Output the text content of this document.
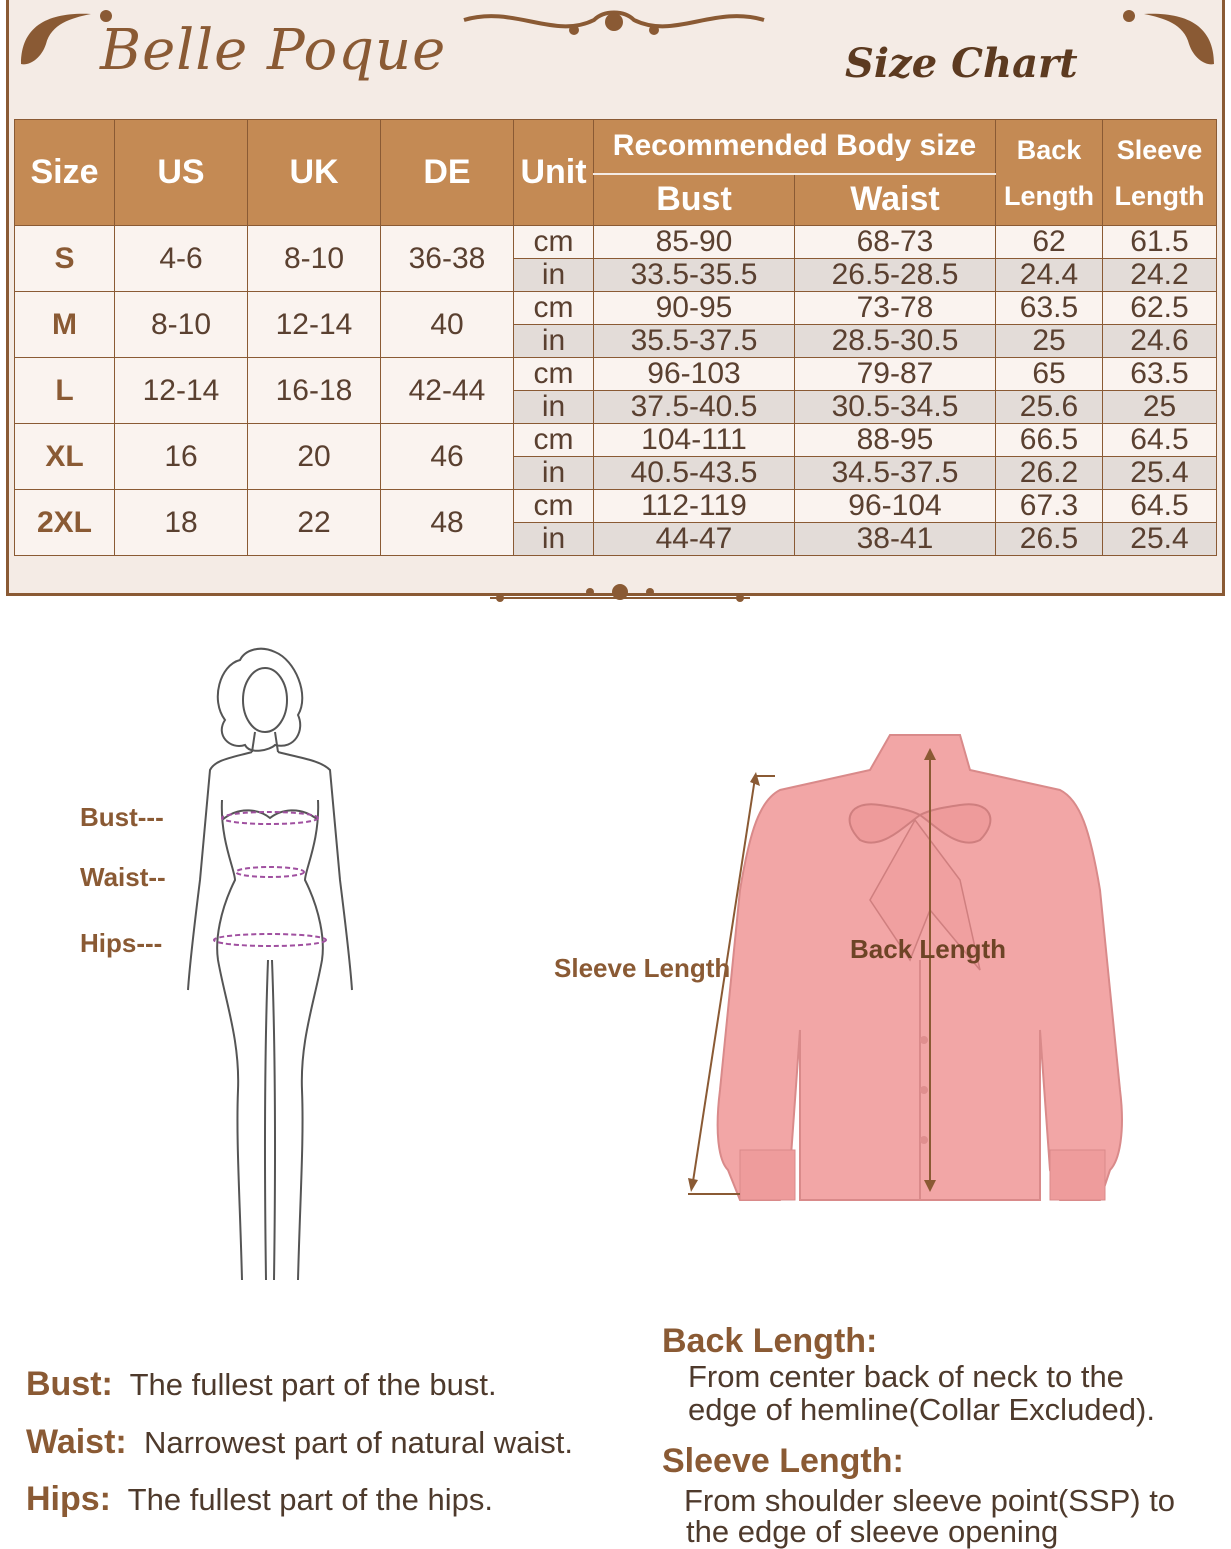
Belle Poque	Size Chart
Size	US	UK	DE	Unit	Recommended Body size		Back Length	Sleeve Length

					Bust	Waist		
S	4-6	8-10	36-38	cm	85-90	68-73	62	61.5
				in	33.5-35.5	26.5-28.5	24.4	24.2
M	8-10	12-14	40	cm	90-95	73-78	63.5	62.5
				in	35.5-37.5	28.5-30.5	25	24.6
L	12-14	16-18	42-44	cm	96-103	79-87	65	63.5
				in	37.5-40.5	30.5-34.5	25.6	25
XL	16	20	46	cm	104-111	88-95	66.5	64.5
				in	40.5-43.5	34.5-37.5	26.2	25.4
2XL	18	22	48	cm	112-119	96-104	67.3	64.5
				in	44-47	38-41	26.5	25.4
Bust---
Waist--
Hips---
Sleeve Length
Back Length
Bust: The fullest part of the bust.
Waist: Narrowest part of natural waist.
Hips: The fullest part of the hips.
Back Length:
From center back of neck to the
edge of hemline(Collar Excluded).
Sleeve Length:
From shoulder sleeve point(SSP) to
the edge of sleeve opening
